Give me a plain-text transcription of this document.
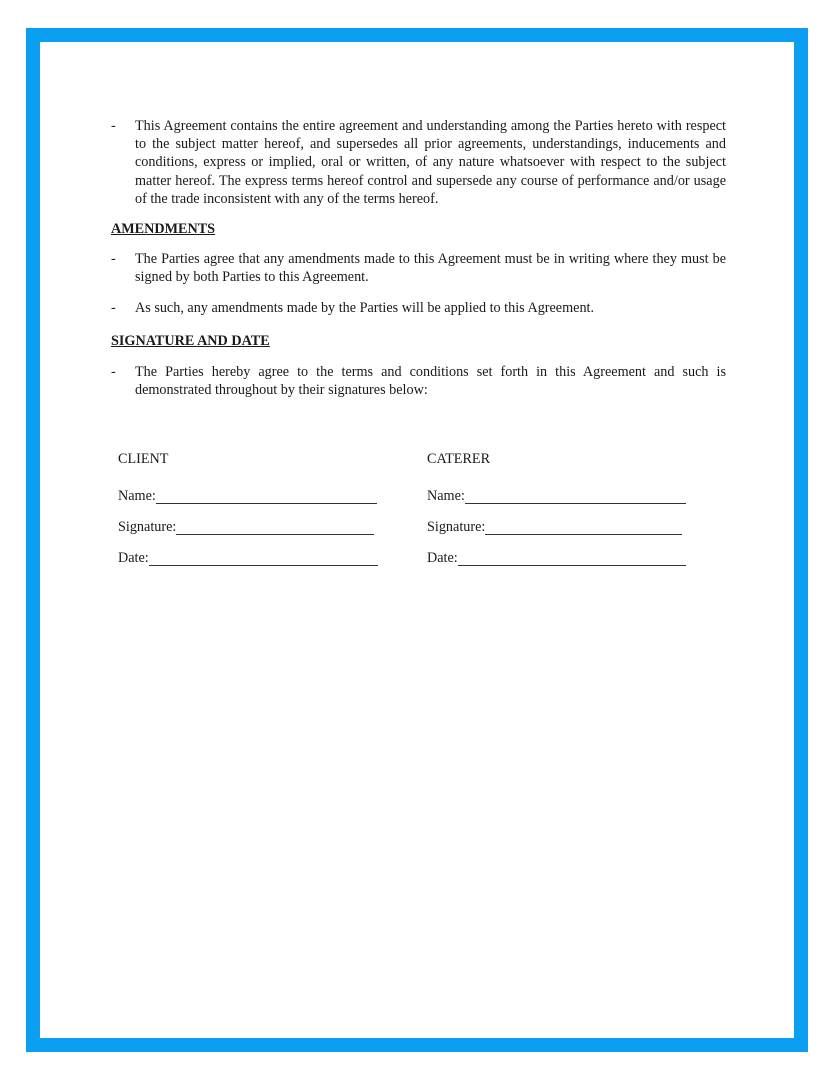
- This Agreement contains the entire agreement and understanding among the Parties hereto with respect to the subject matter hereof, and supersedes all prior agreements, understandings, inducements and conditions, express or implied, oral or written, of any nature whatsoever with respect to the subject matter hereof. The express terms hereof control and supersede any course of performance and/or usage of the trade inconsistent with any of the terms hereof.
AMENDMENTS
- The Parties agree that any amendments made to this Agreement must be in writing where they must be signed by both Parties to this Agreement.
- As such, any amendments made by the Parties will be applied to this Agreement.
SIGNATURE AND DATE
- The Parties hereby agree to the terms and conditions set forth in this Agreement and such is demonstrated throughout by their signatures below:
CLIENT
Name:
Signature:
Date:
CATERER
Name:
Signature:
Date:
